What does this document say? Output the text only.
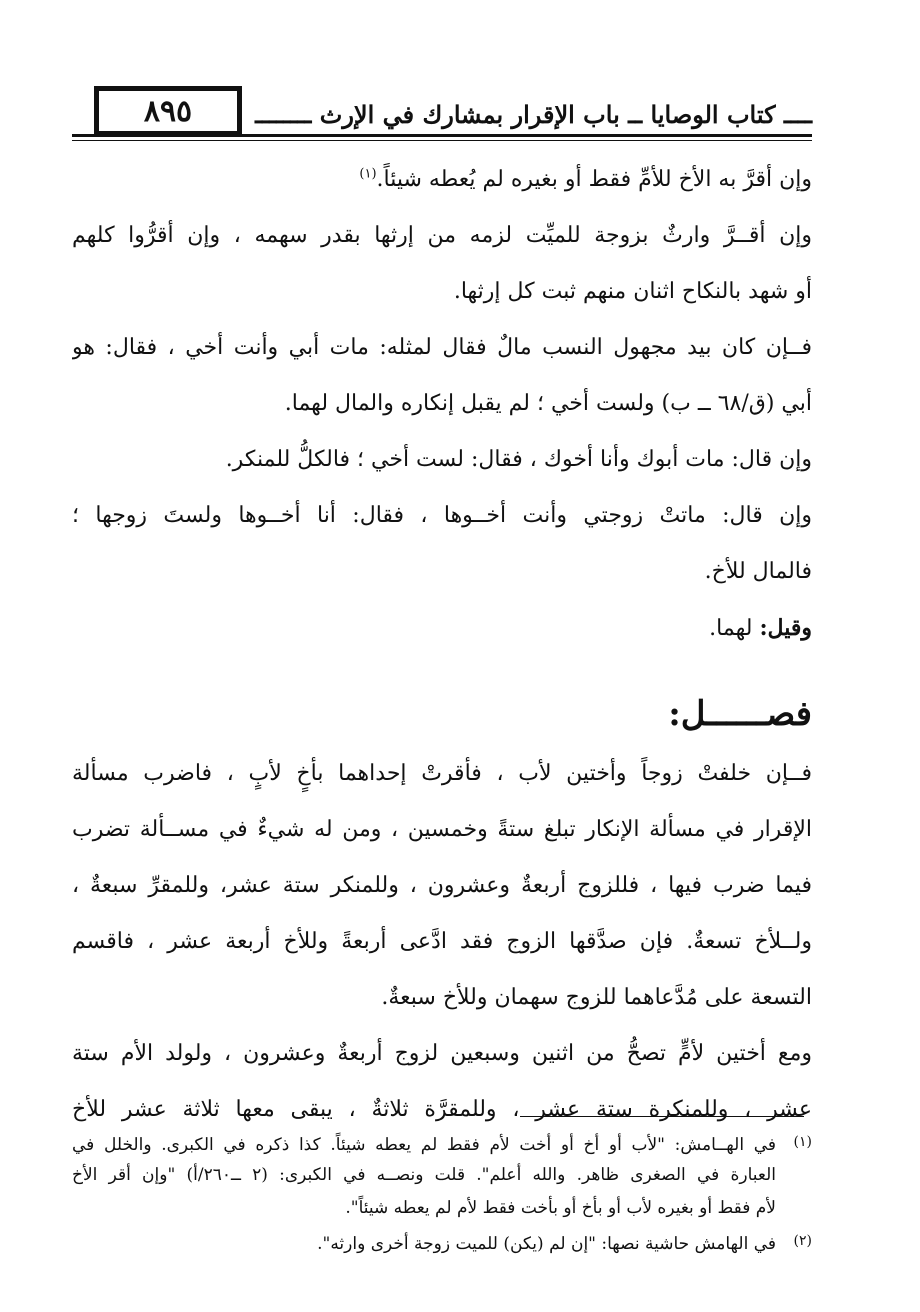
٨٩٥	ــــ كتاب الوصايا ــ باب الإقرار بمشارك في الإرث ــــــــ
وإن أقرَّ به الأخ للأمِّ فقط أو بغيره لم يُعطه شيئاً.$^{(١)}$
وإن أقــرَّ وارثٌ بزوجة للميِّت لزمه من إرثها بقدر سهمه ، وإن أقرُّوا كلهم
أو شهد بالنكاح اثنان منهم ثبت كل إرثها.
فــإن كان بيد مجهول النسب مالٌ فقال لمثله: مات أبي وأنت أخي ، فقال: هو
أبي (ق/٦٨ ــ ب) ولست أخي ؛ لم يقبل إنكاره والمال لهما.
وإن قال: مات أبوك وأنا أخوك ، فقال: لست أخي ؛ فالكلُّ للمنكر.
وإن قال: ماتتْ زوجتي وأنت أخــوها ، فقال: أنا أخــوها ولستَ زوجها ؛
فالمال للأخ.
وقيل: لهما.
فصــــــل:
فــإن خلفتْ زوجاً وأختين لأب ، فأقرتْ إحداهما بأخٍ لأبٍ ، فاضرب مسألة
الإقرار في مسألة الإنكار تبلغ ستةً وخمسين ، ومن له شيءٌ في مســألة تضرب
فيما ضرب فيها ، فللزوج أربعةٌ وعشرون ، وللمنكر ستة عشر، وللمقرِّ سبعةٌ ،
ولــلأخ تسعةٌ. فإن صدَّقها الزوج فقد ادَّعى أربعةً وللأخ أربعة عشر ، فاقسم
التسعة على مُدَّعاهما للزوج سهمان وللأخ سبعةٌ.
ومع أختين لأمٍّ تصحُّ من اثنين وسبعين لزوج أربعةٌ وعشرون ، ولولد الأم ستة
عشر ، وللمنكرة ستة عشر ، وللمقرَّة ثلاثةٌ ، يبقى معها ثلاثة عشر للأخ
(١)في الهــامش: "لأب أو أخ أو أخت لأم فقط لم يعطه شيئاً. كذا ذكره في الكبرى. والخلل في
العبارة في الصغرى ظاهر. والله أعلم". قلت ونصــه في الكبرى: (٢ ــ٢٦٠/أ) "وإن أقر الأخ
لأم فقط أو بغيره لأب أو بأخ أو بأخت فقط لأم لم يعطه شيئاً".
(٢)في الهامش حاشية نصها: "إن لم (يكن) للميت زوجة أخرى وارثه".
